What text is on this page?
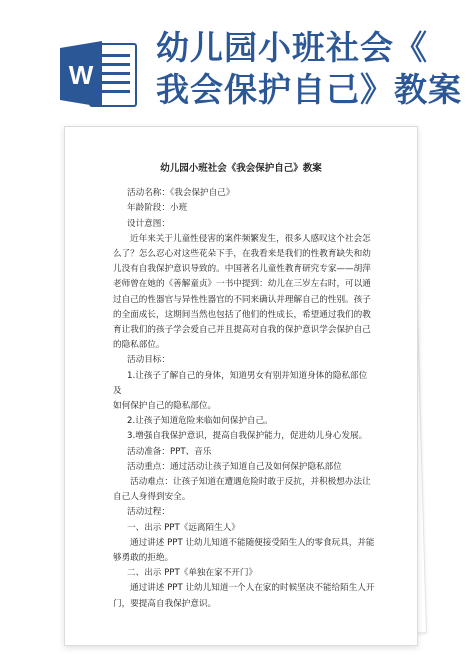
W
幼儿园小班社会《
我会保护自己》教案
幼儿园小班社会《我会保护自己》教案
活动名称：《我会保护自己》
年龄阶段：小班
设计意图：
近年来关于儿童性侵害的案件频繁发生，很多人感叹这个社会怎么了？怎么忍心对这些花朵下手，在我看来是我们的性教育缺失和幼儿没有自我保护意识导致的。中国著名儿童性教育研究专家——胡萍老师曾在她的《善解童贞》一书中提到：幼儿在三岁左右时，可以通过自己的性器官与异性性器官的不同来确认并理解自己的性别。孩子的全面成长，这期间当然也包括了他们的性成长，希望通过我们的教育让我们的孩子学会爱自己并且提高对自我的保护意识学会保护自己的隐私部位。
活动目标：
1.让孩子了解自己的身体，知道男女有别并知道身体的隐私部位
及
如何保护自己的隐私部位。
2.让孩子知道危险来临如何保护自己。
3.增强自我保护意识，提高自我保护能力，促进幼儿身心发展。
活动准备：PPT、音乐
活动重点：通过活动让孩子知道自己及如何保护隐私部位
活动难点：让孩子知道在遭遇危险时敢于反抗，并积极想办法让自己人身得到安全。
活动过程：
一、出示 PPT《远离陌生人》
通过讲述 PPT 让幼儿知道不能随便接受陌生人的零食玩具，并能够勇敢的拒绝。
二、出示 PPT《单独在家不开门》
通过讲述 PPT 让幼儿知道一个人在家的时候坚决不能给陌生人开门，要提高自我保护意识。
